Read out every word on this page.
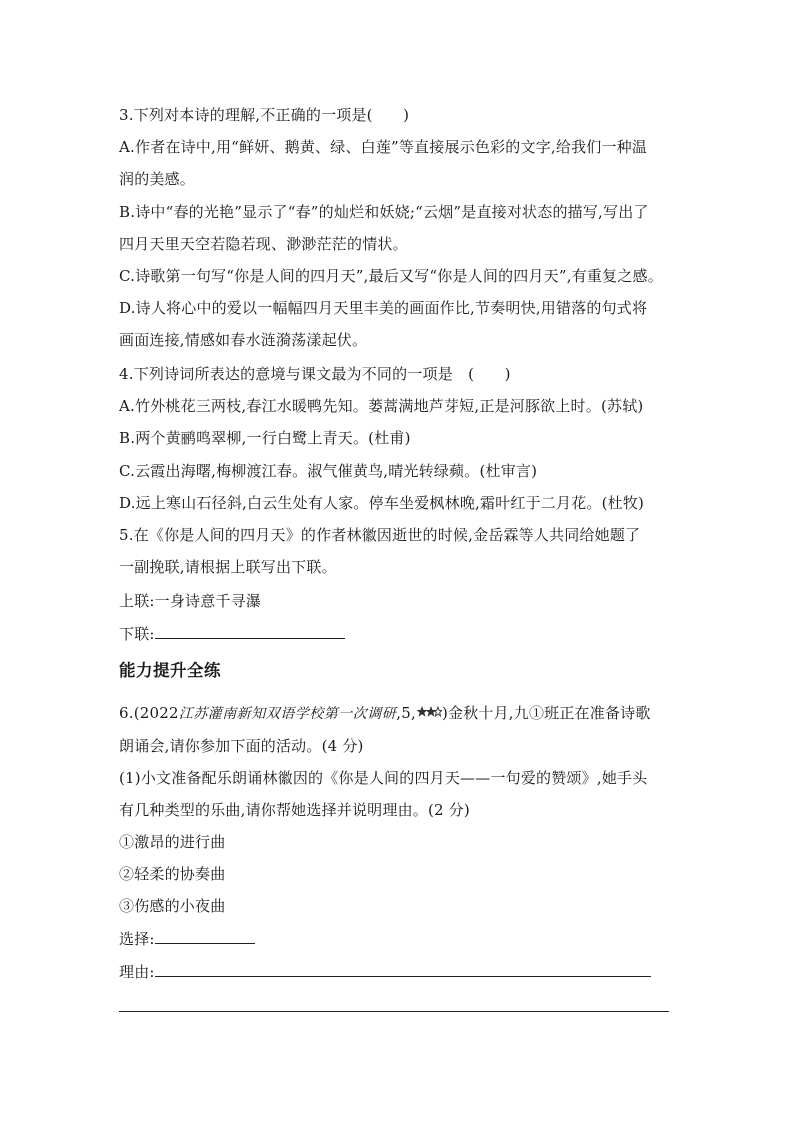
3.下列对本诗的理解,不正确的一项是(　　)
A.作者在诗中,用“鲜妍、鹅黄、绿、白莲”等直接展示色彩的文字,给我们一种温
润的美感。
B.诗中“春的光艳”显示了“春”的灿烂和妖娆;“云烟”是直接对状态的描写,写出了
四月天里天空若隐若现、渺渺茫茫的情状。
C.诗歌第一句写“你是人间的四月天”,最后又写“你是人间的四月天”,有重复之感。
D.诗人将心中的爱以一幅幅四月天里丰美的画面作比,节奏明快,用错落的句式将
画面连接,情感如春水涟漪荡漾起伏。
4.下列诗词所表达的意境与课文最为不同的一项是　(　　)
A.竹外桃花三两枝,春江水暖鸭先知。蒌蒿满地芦芽短,正是河豚欲上时。(苏轼)
B.两个黄鹂鸣翠柳,一行白鹭上青天。(杜甫)
C.云霞出海曙,梅柳渡江春。淑气催黄鸟,晴光转绿𬞟。(杜审言)
D.远上寒山石径斜,白云生处有人家。停车坐爱枫林晚,霜叶红于二月花。(杜牧)
5.在《你是人间的四月天》的作者林徽因逝世的时候,金岳霖等人共同给她题了
一副挽联,请根据上联写出下联。
上联:一身诗意千寻瀑
下联:
能力提升全练
6.(2022江苏灌南新知双语学校第一次调研,5, )金秋十月,九①班正在准备诗歌
朗诵会,请你参加下面的活动。(4 分)
(1)小文准备配乐朗诵林徽因的《你是人间的四月天——一句爱的赞颂》,她手头
有几种类型的乐曲,请你帮她选择并说明理由。(2 分)
①激昂的进行曲
②轻柔的协奏曲
③伤感的小夜曲
选择:
理由:
